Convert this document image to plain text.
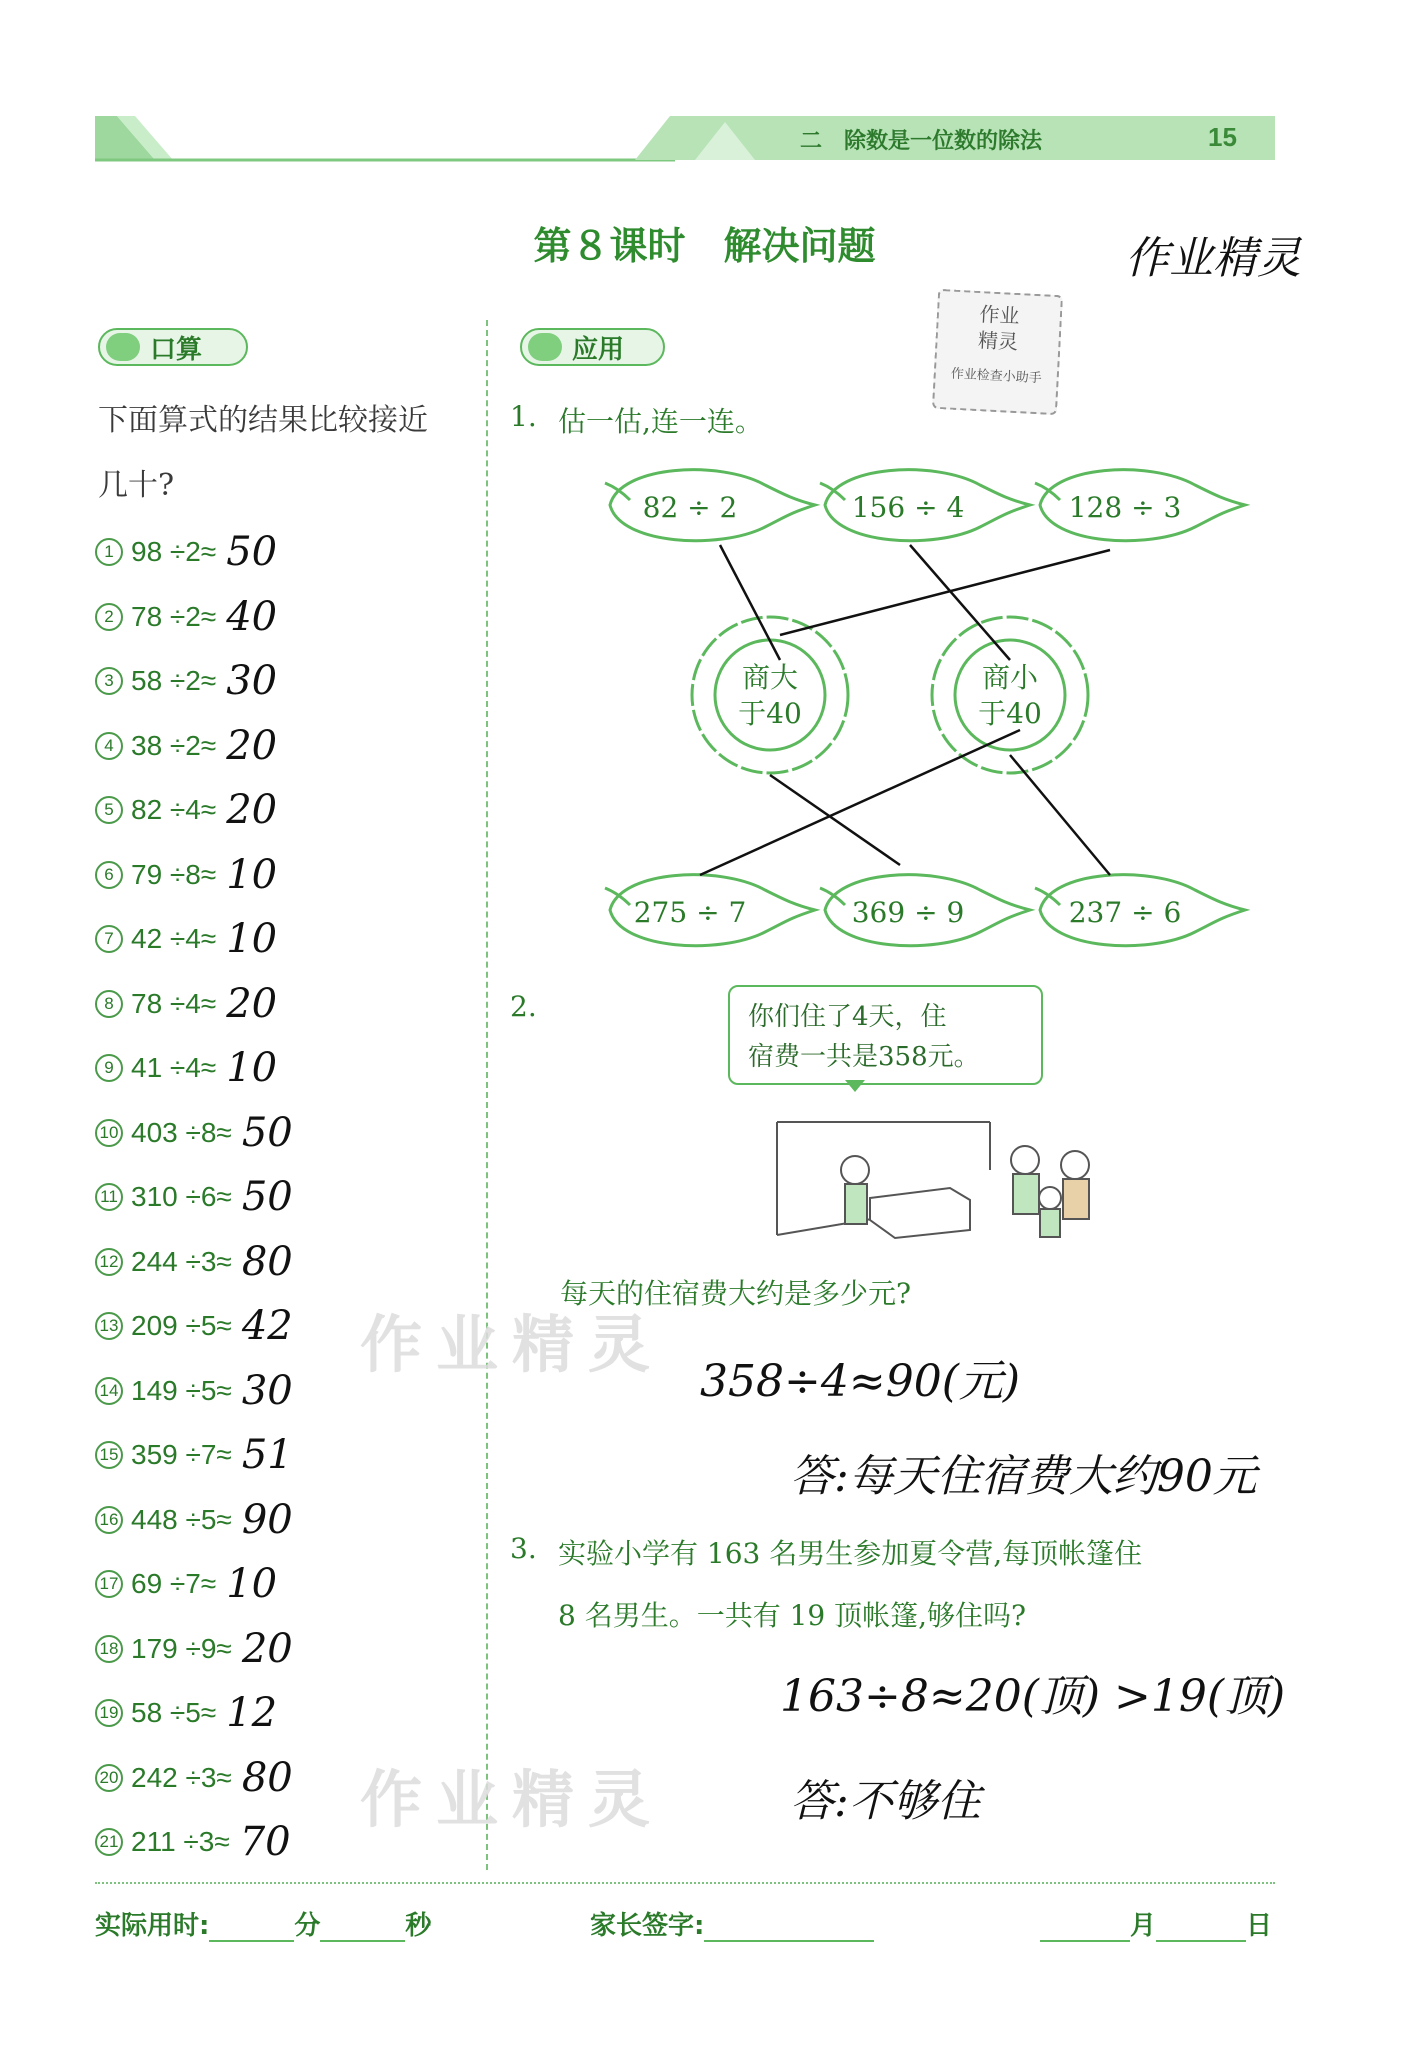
二　除数是一位数的除法	15
第８课时　解决问题	作业精灵
作业
精灵
作业检查小助手
口算
下面算式的结果比较接近
几十?
1 98 ÷2≈ 50
2 78 ÷2≈ 40
3 58 ÷2≈ 30
4 38 ÷2≈ 20
5 82 ÷4≈ 20
6 79 ÷8≈ 10
7 42 ÷4≈ 10
8 78 ÷4≈ 20
9 41 ÷4≈ 10
10 403 ÷8≈ 50
11 310 ÷6≈ 50
12 244 ÷3≈ 80
13 209 ÷5≈ 42
14 149 ÷5≈ 30
15 359 ÷7≈ 51
16 448 ÷5≈ 90
17 69 ÷7≈ 10
18 179 ÷9≈ 20
19 58 ÷5≈ 12
20 242 ÷3≈ 80
21 211 ÷3≈ 70
应用
1. 估一估,连一连。
82 ÷ 2	156 ÷ 4	128 ÷ 3
商大
于40
商小
于40
275 ÷ 7	369 ÷ 9	237 ÷ 6
2.	你们住了4天，住
宿费一共是358元。
每天的住宿费大约是多少元?
358÷4≈90(元)
答:每天住宿费大约90元
3. 实验小学有 163 名男生参加夏令营,每顶帐篷住
8 名男生。一共有 19 顶帐篷,够住吗?
163÷8≈20(顶) >19(顶)
答:不够住
作业精灵
作业精灵
实际用时:	分	秒	家长签字:	月	日
